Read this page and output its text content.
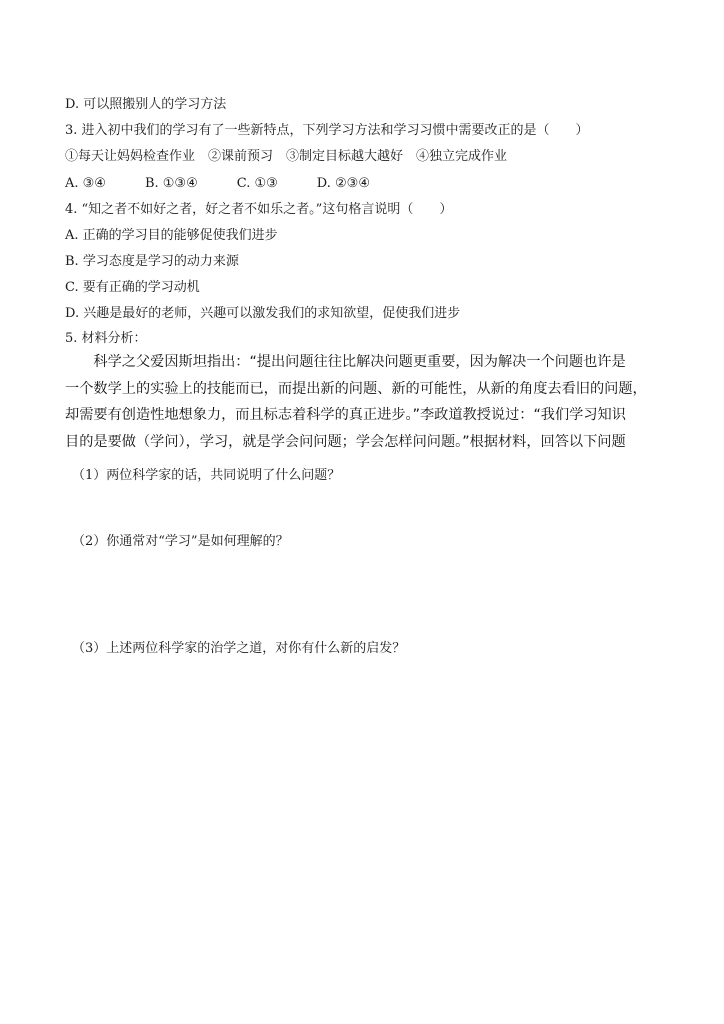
D. 可以照搬别人的学习方法
3. 进入初中我们的学习有了一些新特点，下列学习方法和学习习惯中需要改正的是（　　）
①每天让妈妈检查作业　②课前预习　③制定目标越大越好　④独立完成作业
A. ③④　　　B. ①③④　　　C. ①③　　　D. ②③④
4. “知之者不如好之者，好之者不如乐之者。”这句格言说明（　　）
A. 正确的学习目的能够促使我们进步
B. 学习态度是学习的动力来源
C. 要有正确的学习动机
D. 兴趣是最好的老师，兴趣可以激发我们的求知欲望，促使我们进步
5. 材料分析：

　　科学之父爱因斯坦指出：“提出问题往往比解决问题更重要，因为解决一个问题也许是

一个数学上的实验上的技能而已，而提出新的问题、新的可能性，从新的角度去看旧的问题，

却需要有创造性地想象力，而且标志着科学的真正进步。”李政道教授说过：“我们学习知识

目的是要做（学问），学习，就是学会问问题；学会怎样问问题。”根据材料，回答以下问题

（1）两位科学家的话，共同说明了什么问题？
（2）你通常对“学习”是如何理解的？
（3）上述两位科学家的治学之道，对你有什么新的启发？
